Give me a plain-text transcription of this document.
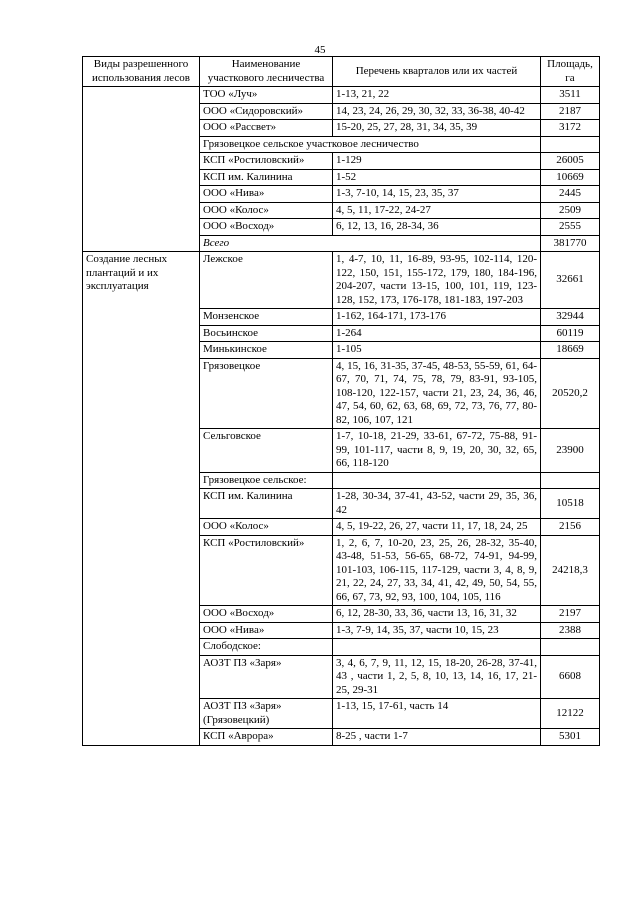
45
Виды разрешенного использования лесов	Наименование участкового лесничества	Перечень кварталов или их частей	Площадь, га
	ТОО «Луч»	1-13, 21, 22	3511
	ООО «Сидоровский»	14, 23, 24, 26, 29, 30, 32, 33, 36-38, 40-42	2187
	ООО «Рассвет»	15-20, 25, 27, 28, 31, 34, 35, 39	3172
	Грязовецкое сельское участковое лесничество		
	КСП «Ростиловский»	1-129	26005
	КСП им. Калинина	1-52	10669
	ООО «Нива»	1-3, 7-10, 14, 15, 23, 35, 37	2445
	ООО «Колос»	4, 5, 11, 17-22, 24-27	2509
	ООО «Восход»	6, 12, 13, 16, 28-34, 36	2555
	Всего		381770
Создание лесных плантаций и их эксплуатация	Лежское	1, 4-7, 10, 11, 16-89, 93-95, 102-114, 120-122, 150, 151, 155-172, 179, 180, 184-196, 204-207, части 13-15, 100, 101, 119, 123-128, 152, 173, 176-178, 181-183, 197-203	32661
	Монзенское	1-162, 164-171, 173-176	32944
	Восьинское	1-264	60119
	Минькинское	1-105	18669
	Грязовецкое	4, 15, 16, 31-35, 37-45, 48-53, 55-59, 61, 64-67, 70, 71, 74, 75, 78, 79, 83-91, 93-105, 108-120, 122-157, части 21, 23, 24, 36, 46, 47, 54, 60, 62, 63, 68, 69, 72, 73, 76, 77, 80-82, 106, 107, 121	20520,2
	Сельговское	1-7, 10-18, 21-29, 33-61, 67-72, 75-88, 91-99, 101-117, части 8, 9, 19, 20, 30, 32, 65, 66, 118-120	23900
	Грязовецкое сельское:		
	КСП им. Калинина	1-28, 30-34, 37-41, 43-52, части 29, 35, 36, 42	10518
	ООО «Колос»	4, 5, 19-22, 26, 27, части 11, 17, 18, 24, 25	2156
	КСП «Ростиловский»	1, 2, 6, 7, 10-20, 23, 25, 26, 28-32, 35-40, 43-48, 51-53, 56-65, 68-72, 74-91, 94-99, 101-103, 106-115, 117-129, части 3, 4, 8, 9, 21, 22, 24, 27, 33, 34, 41, 42, 49, 50, 54, 55, 66, 67, 73, 92, 93, 100, 104, 105, 116	24218,3
	ООО «Восход»	6, 12, 28-30, 33, 36, части 13, 16, 31, 32	2197
	ООО «Нива»	1-3, 7-9, 14, 35, 37, части 10, 15, 23	2388
	Слободское:		
	АОЗТ ПЗ «Заря»	3, 4, 6, 7, 9, 11, 12, 15, 18-20, 26-28, 37-41, 43 , части 1, 2, 5, 8, 10, 13, 14, 16, 17, 21-25, 29-31	6608
	АОЗТ ПЗ «Заря» (Грязовецкий)	1-13, 15, 17-61, часть 14	12122
	КСП «Аврора»	8-25 , части 1-7	5301
